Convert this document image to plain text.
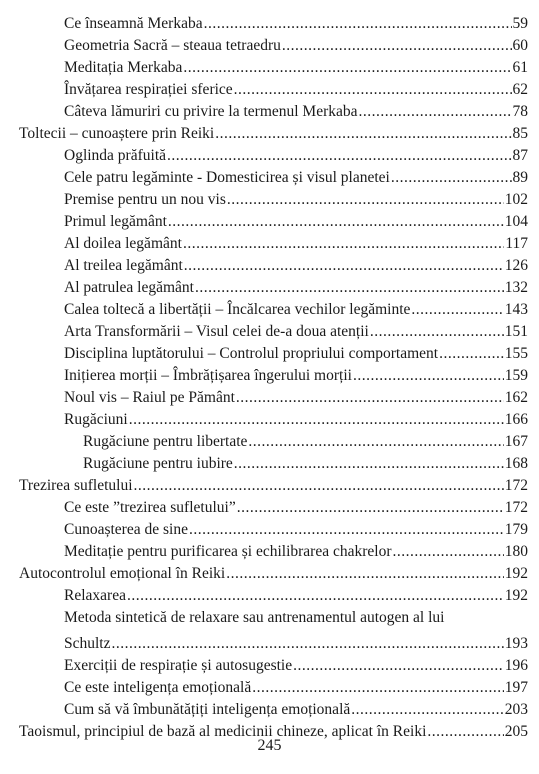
Ce înseamnă Merkaba .....	59
Geometria Sacră – steaua tetraedru .....	60
Meditația Merkaba .....	61
Învățarea respirației sferice .....	62
Câteva lămuriri cu privire la termenul Merkaba .....	78
Toltecii – cunoaștere prin Reiki .....	85
Oglinda prăfuită .....	87
Cele patru legăminte - Domesticirea și visul planetei .....	89
Premise pentru un nou vis .....	102
Primul legământ .....	104
Al doilea legământ .....	117
Al treilea legământ .....	126
Al patrulea legământ .....	132
Calea toltecă a libertății – Încălcarea vechilor legăminte .....	143
Arta Transformării – Visul celei de-a doua atenții .....	151
Disciplina luptătorului – Controlul propriului comportament .....	155
Inițierea morții – Îmbrățișarea îngerului morții .....	159
Noul vis – Raiul pe Pământ .....	162
Rugăciuni .....	166
Rugăciune pentru libertate .....	167
Rugăciune pentru iubire .....	168
Trezirea sufletului .....	172
Ce este ”trezirea sufletului” .....	172
Cunoașterea de sine .....	179
Meditație pentru purificarea și echilibrarea chakrelor .....	180
Autocontrolul emoțional în Reiki .....	192
Relaxarea .....	192
Metoda sintetică de relaxare sau antrenamentul autogen al lui
Schultz .....	193
Exerciții de respirație și autosugestie .....	196
Ce este inteligența emoțională .....	197
Cum să vă îmbunătățiți inteligența emoțională .....	203
Taoismul, principiul de bază al medicinii chineze, aplicat în Reiki .....	205
245
